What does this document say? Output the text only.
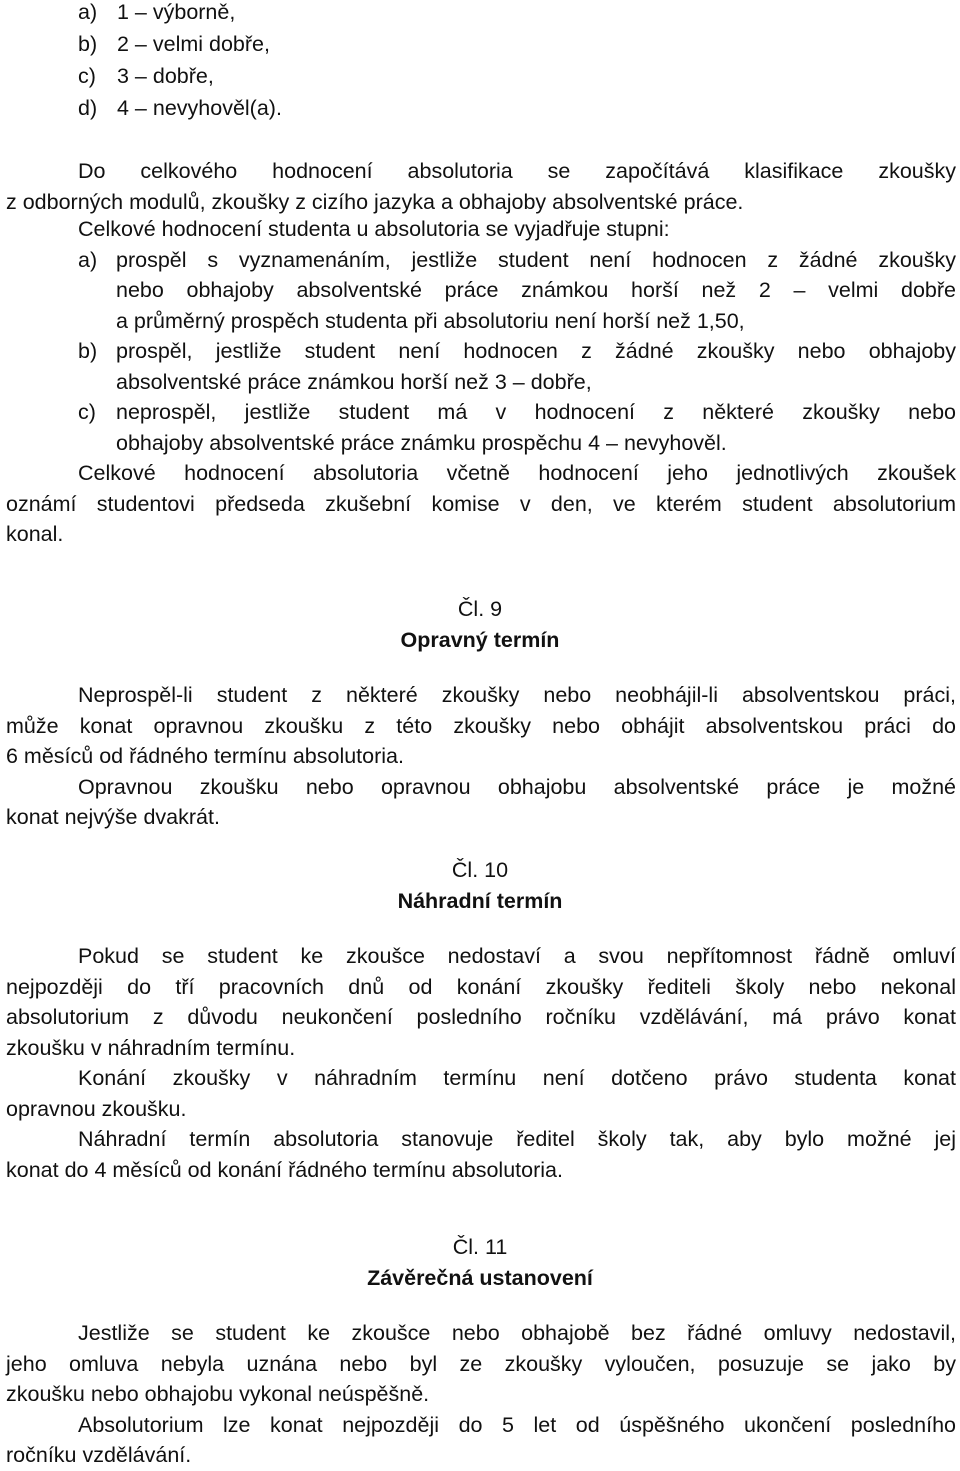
a) 1 – výborně,
b) 2 – velmi dobře,
c) 3 – dobře,
d) 4 – nevyhověl(a).
Do celkového hodnocení absolutoria se započítává klasifikace zkoušky
z odborných modulů, zkoušky z cizího jazyka a obhajoby absolventské práce.
Celkové hodnocení studenta u absolutoria se vyjadřuje stupni:
a) prospěl s vyznamenáním, jestliže student není hodnocen z žádné zkoušky
nebo obhajoby absolventské práce známkou horší než 2 – velmi dobře
a průměrný prospěch studenta při absolutoriu není horší než 1,50,
b) prospěl, jestliže student není hodnocen z žádné zkoušky nebo obhajoby
absolventské práce známkou horší než 3 – dobře,
c) neprospěl, jestliže student má v hodnocení z některé zkoušky nebo
obhajoby absolventské práce známku prospěchu 4 – nevyhověl.
Celkové hodnocení absolutoria včetně hodnocení jeho jednotlivých zkoušek
oznámí studentovi předseda zkušební komise v den, ve kterém student absolutorium
konal.
Čl. 9
Opravný termín
Neprospěl-li student z některé zkoušky nebo neobhájil-li absolventskou práci,
může konat opravnou zkoušku z této zkoušky nebo obhájit absolventskou práci do
6 měsíců od řádného termínu absolutoria.
Opravnou zkoušku nebo opravnou obhajobu absolventské práce je možné
konat nejvýše dvakrát.
Čl. 10
Náhradní termín
Pokud se student ke zkoušce nedostaví a svou nepřítomnost řádně omluví
nejpozději do tří pracovních dnů od konání zkoušky řediteli školy nebo nekonal
absolutorium z důvodu neukončení posledního ročníku vzdělávání, má právo konat
zkoušku v náhradním termínu.
Konání zkoušky v náhradním termínu není dotčeno právo studenta konat
opravnou zkoušku.
Náhradní termín absolutoria stanovuje ředitel školy tak, aby bylo možné jej
konat do 4 měsíců od konání řádného termínu absolutoria.
Čl. 11
Závěrečná ustanovení
Jestliže se student ke zkoušce nebo obhajobě bez řádné omluvy nedostavil,
jeho omluva nebyla uznána nebo byl ze zkoušky vyloučen, posuzuje se jako by
zkoušku nebo obhajobu vykonal neúspěšně.
Absolutorium lze konat nejpozději do 5 let od úspěšného ukončení posledního
ročníku vzdělávání.
